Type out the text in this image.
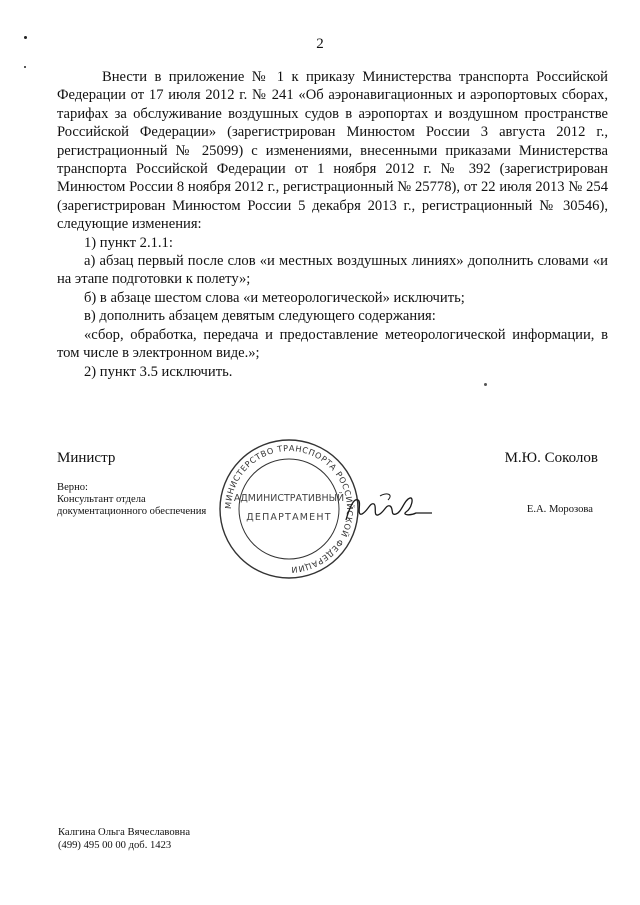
2

Внести в приложение № 1 к приказу Министерства транспорта Российской Федерации от 17 июля 2012 г. № 241 «Об аэронавигационных и аэропортовых сборах, тарифах за обслуживание воздушных судов в аэропортах и воздушном пространстве Российской Федерации» (зарегистрирован Минюстом России 3 августа 2012 г., регистрационный № 25099) с изменениями, внесенными приказами Министерства транспорта Российской Федерации от 1 ноября 2012 г. № 392 (зарегистрирован Минюстом России 8 ноября 2012 г., регистрационный № 25778), от 22 июля 2013 № 254 (зарегистрирован Минюстом России 5 декабря 2013 г., регистрационный № 30546), следующие изменения:

1) пункт 2.1.1:

а) абзац первый после слов «и местных воздушных линиях» дополнить словами «и на этапе подготовки к полету»;

б) в абзаце шестом слова «и метеорологической» исключить;

в) дополнить абзацем девятым следующего содержания:

«сбор, обработка, передача и предоставление метеорологической информации, в том числе в электронном виде.»;

2) пункт 3.5 исключить.

Министр	М.Ю. Соколов
МИНИСТЕРСТВО ТРАНСПОРТА РОССИЙСКОЙ ФЕДЕРАЦИИ
АДМИНИСТРАТИВНЫЙ
ДЕПАРТАМЕНТ
Верно:
Консультант отдела документационного обеспечения	Е.А. Морозова
Калгина Ольга Вячеславовна
(499) 495 00 00 доб. 1423
